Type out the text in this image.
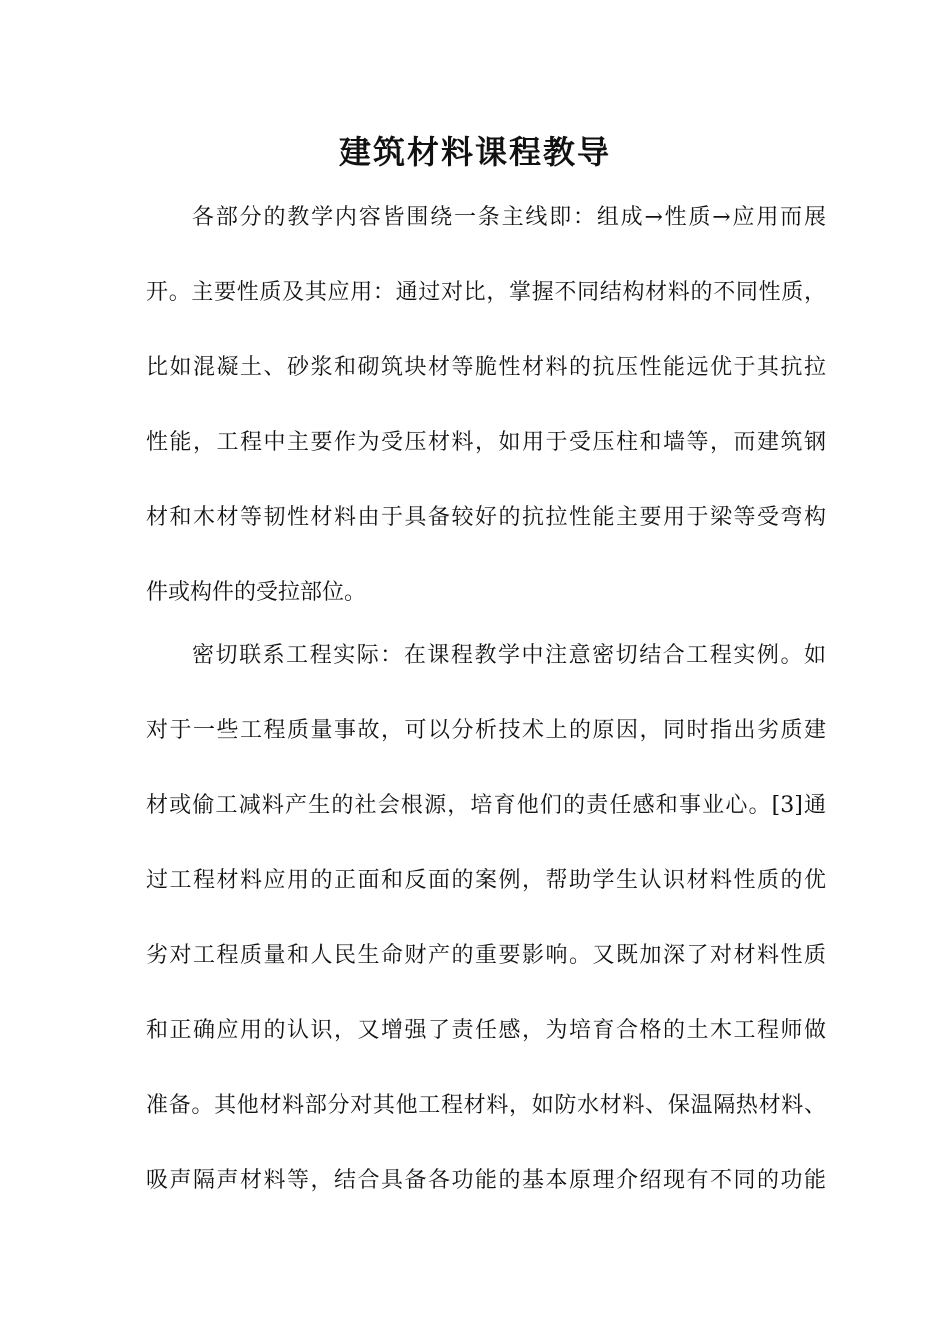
建筑材料课程教导
各部分的教学内容皆围绕一条主线即：组成→性质→应用而展
开。主要性质及其应用：通过对比，掌握不同结构材料的不同性质，
比如混凝土、砂浆和砌筑块材等脆性材料的抗压性能远优于其抗拉
性能，工程中主要作为受压材料，如用于受压柱和墙等，而建筑钢
材和木材等韧性材料由于具备较好的抗拉性能主要用于梁等受弯构
件或构件的受拉部位。
密切联系工程实际：在课程教学中注意密切结合工程实例。如
对于一些工程质量事故，可以分析技术上的原因，同时指出劣质建
材或偷工减料产生的社会根源，培育他们的责任感和事业心。[3]通
过工程材料应用的正面和反面的案例，帮助学生认识材料性质的优
劣对工程质量和人民生命财产的重要影响。又既加深了对材料性质
和正确应用的认识，又增强了责任感，为培育合格的土木工程师做
准备。其他材料部分对其他工程材料，如防水材料、保温隔热材料、
吸声隔声材料等，结合具备各功能的基本原理介绍现有不同的功能
